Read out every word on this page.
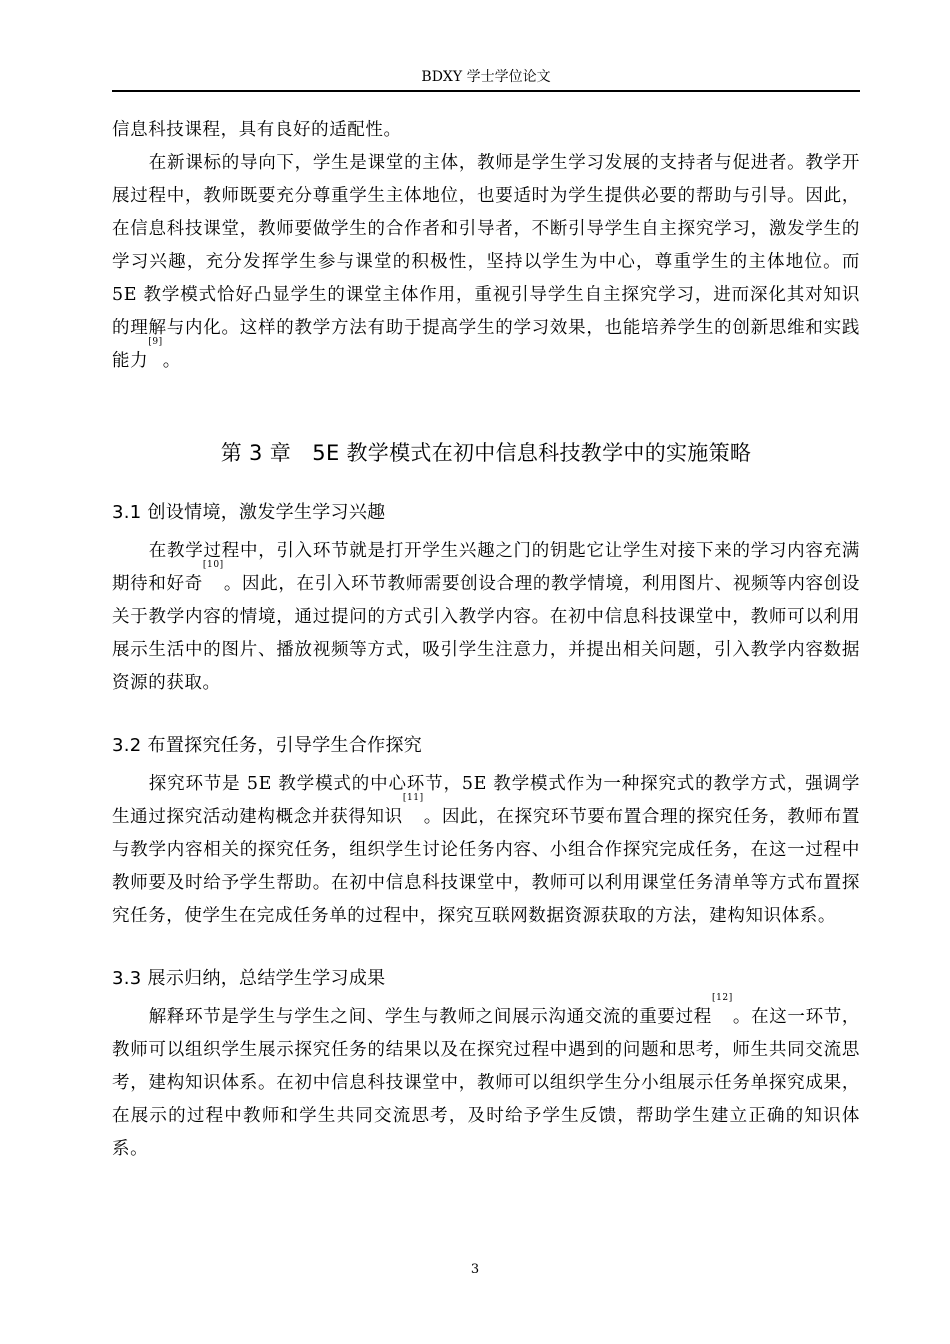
BDXY 学士学位论文

信息科技课程，具有良好的适配性。

在新课标的导向下，学生是课堂的主体，教师是学生学习发展的支持者与促进者。教学开展过程中，教师既要充分尊重学生主体地位，也要适时为学生提供必要的帮助与引导。因此，在信息科技课堂，教师要做学生的合作者和引导者，不断引导学生自主探究学习，激发学生的学习兴趣，充分发挥学生参与课堂的积极性，坚持以学生为中心，尊重学生的主体地位。而 5E 教学模式恰好凸显学生的课堂主体作用，重视引导学生自主探究学习，进而深化其对知识的理解与内化。这样的教学方法有助于提高学生的学习效果，也能培养学生的创新思维和实践能力[9]。

第 3 章　5E 教学模式在初中信息科技教学中的实施策略
3.1 创设情境，激发学生学习兴趣

在教学过程中，引入环节就是打开学生兴趣之门的钥匙它让学生对接下来的学习内容充满期待和好奇[10]。因此，在引入环节教师需要创设合理的教学情境，利用图片、视频等内容创设关于教学内容的情境，通过提问的方式引入教学内容。在初中信息科技课堂中，教师可以利用展示生活中的图片、播放视频等方式，吸引学生注意力，并提出相关问题，引入教学内容数据资源的获取。

3.2 布置探究任务，引导学生合作探究

探究环节是 5E 教学模式的中心环节，5E 教学模式作为一种探究式的教学方式，强调学生通过探究活动建构概念并获得知识[11]。因此，在探究环节要布置合理的探究任务，教师布置与教学内容相关的探究任务，组织学生讨论任务内容、小组合作探究完成任务，在这一过程中教师要及时给予学生帮助。在初中信息科技课堂中，教师可以利用课堂任务清单等方式布置探究任务，使学生在完成任务单的过程中，探究互联网数据资源获取的方法，建构知识体系。

3.3 展示归纳，总结学生学习成果

解释环节是学生与学生之间、学生与教师之间展示沟通交流的重要过程[12]。在这一环节，教师可以组织学生展示探究任务的结果以及在探究过程中遇到的问题和思考，师生共同交流思考，建构知识体系。在初中信息科技课堂中，教师可以组织学生分小组展示任务单探究成果，在展示的过程中教师和学生共同交流思考，及时给予学生反馈，帮助学生建立正确的知识体系。

3
